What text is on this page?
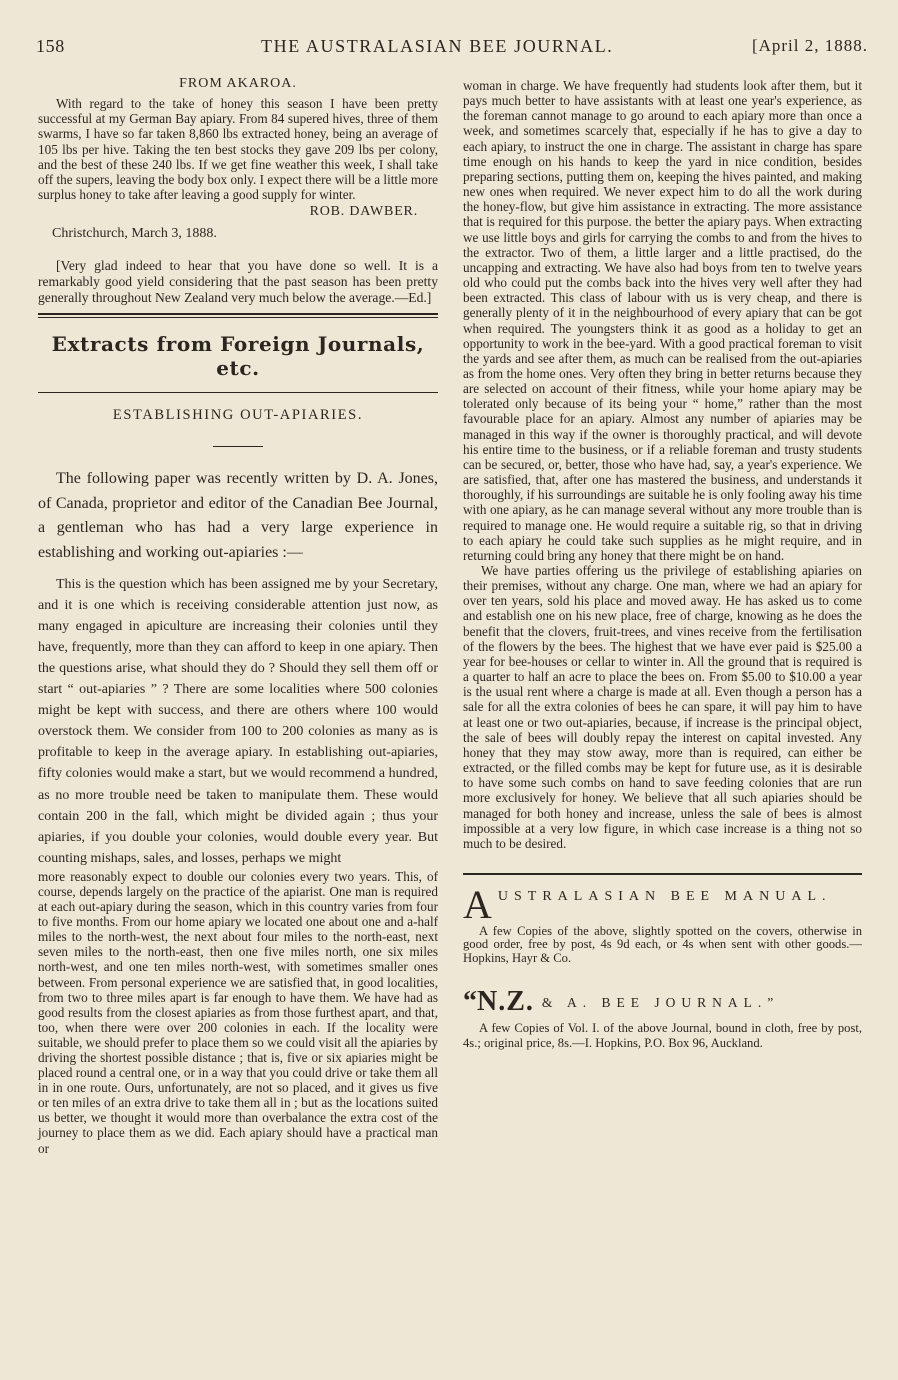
158	THE AUSTRALASIAN BEE JOURNAL.	[April 2, 1888.
FROM AKAROA.

With regard to the take of honey this season I have been pretty successful at my German Bay apiary. From 84 supered hives, three of them swarms, I have so far taken 8,860 lbs extracted honey, being an average of 105 lbs per hive. Taking the ten best stocks they gave 209 lbs per colony, and the best of these 240 lbs. If we get fine weather this week, I shall take off the supers, leaving the body box only. I expect there will be a little more surplus honey to take after leaving a good supply for winter.

ROB. DAWBER.
Christchurch, March 3, 1888.

[Very glad indeed to hear that you have done so well. It is a remarkably good yield considering that the past season has been pretty generally throughout New Zealand very much below the average.—Ed.]

Extracts from Foreign Journals, etc.
ESTABLISHING OUT-APIARIES.

The following paper was recently written by D. A. Jones, of Canada, proprietor and editor of the Canadian Bee Journal, a gentleman who has had a very large experience in establishing and working out-apiaries :—

This is the question which has been assigned me by your Secretary, and it is one which is receiving considerable attention just now, as many engaged in apiculture are increasing their colonies until they have, frequently, more than they can afford to keep in one apiary. Then the questions arise, what should they do ? Should they sell them off or start “ out-apiaries ” ? There are some localities where 500 colonies might be kept with success, and there are others where 100 would overstock them. We consider from 100 to 200 colonies as many as is profitable to keep in the average apiary. In establishing out-apiaries, fifty colonies would make a start, but we would recommend a hundred, as no more trouble need be taken to manipulate them. These would contain 200 in the fall, which might be divided again ; thus your apiaries, if you double your colonies, would double every year. But counting mishaps, sales, and losses, perhaps we might

more reasonably expect to double our colonies every two years. This, of course, depends largely on the practice of the apiarist. One man is required at each out-apiary during the season, which in this country varies from four to five months. From our home apiary we located one about one and a-half miles to the north-west, the next about four miles to the north-east, next seven miles to the north-east, then one five miles north, one six miles north-west, and one ten miles north-west, with sometimes smaller ones between. From personal experience we are satisfied that, in good localities, from two to three miles apart is far enough to have them. We have had as good results from the closest apiaries as from those furthest apart, and that, too, when there were over 200 colonies in each. If the locality were suitable, we should prefer to place them so we could visit all the apiaries by driving the shortest possible distance ; that is, five or six apiaries might be placed round a central one, or in a way that you could drive or take them all in in one route. Ours, unfortunately, are not so placed, and it gives us five or ten miles of an extra drive to take them all in ; but as the locations suited us better, we thought it would more than overbalance the extra cost of the journey to place them as we did. Each apiary should have a practical man or

woman in charge. We have frequently had students look after them, but it pays much better to have assistants with at least one year's experience, as the foreman cannot manage to go around to each apiary more than once a week, and sometimes scarcely that, especially if he has to give a day to each apiary, to instruct the one in charge. The assistant in charge has spare time enough on his hands to keep the yard in nice condition, besides preparing sections, putting them on, keeping the hives painted, and making new ones when required. We never expect him to do all the work during the honey-flow, but give him assistance in extracting. The more assistance that is required for this purpose. the better the apiary pays. When extracting we use little boys and girls for carrying the combs to and from the hives to the extractor. Two of them, a little larger and a little practised, do the uncapping and extracting. We have also had boys from ten to twelve years old who could put the combs back into the hives very well after they had been extracted. This class of labour with us is very cheap, and there is generally plenty of it in the neighbourhood of every apiary that can be got when required. The youngsters think it as good as a holiday to get an opportunity to work in the bee-yard. With a good practical foreman to visit the yards and see after them, as much can be realised from the out-apiaries as from the home ones. Very often they bring in better returns because they are selected on account of their fitness, while your home apiary may be tolerated only because of its being your “ home,” rather than the most favourable place for an apiary. Almost any number of apiaries may be managed in this way if the owner is thoroughly practical, and will devote his entire time to the business, or if a reliable foreman and trusty students can be secured, or, better, those who have had, say, a year's experience. We are satisfied, that, after one has mastered the business, and understands it thoroughly, if his surroundings are suitable he is only fooling away his time with one apiary, as he can manage several without any more trouble than is required to manage one. He would require a suitable rig, so that in driving to each apiary he could take such supplies as he might require, and in returning could bring any honey that there might be on hand.

We have parties offering us the privilege of establishing apiaries on their premises, without any charge. One man, where we had an apiary for over ten years, sold his place and moved away. He has asked us to come and establish one on his new place, free of charge, knowing as he does the benefit that the clovers, fruit-trees, and vines receive from the fertilisation of the flowers by the bees. The highest that we have ever paid is $25.00 a year for bee-houses or cellar to winter in. All the ground that is required is a quarter to half an acre to place the bees on. From $5.00 to $10.00 a year is the usual rent where a charge is made at all. Even though a person has a sale for all the extra colonies of bees he can spare, it will pay him to have at least one or two out-apiaries, because, if increase is the principal object, the sale of bees will doubly repay the interest on capital invested. Any honey that they may stow away, more than is required, can either be extracted, or the filled combs may be kept for future use, as it is desirable to have some such combs on hand to save feeding colonies that are run more exclusively for honey. We believe that all such apiaries should be managed for both honey and increase, unless the sale of bees is almost impossible at a very low figure, in which case increase is a thing not so much to be desired.

A USTRALASIAN BEE MANUAL.

A few Copies of the above, slightly spotted on the covers, otherwise in good order, free by post, 4s 9d each, or 4s when sent with other goods.—Hopkins, Hayr & Co.

“ N.Z. & A. BEE JOURNAL.”

A few Copies of Vol. I. of the above Journal, bound in cloth, free by post, 4s.; original price, 8s.—I. Hopkins, P.O. Box 96, Auckland.
